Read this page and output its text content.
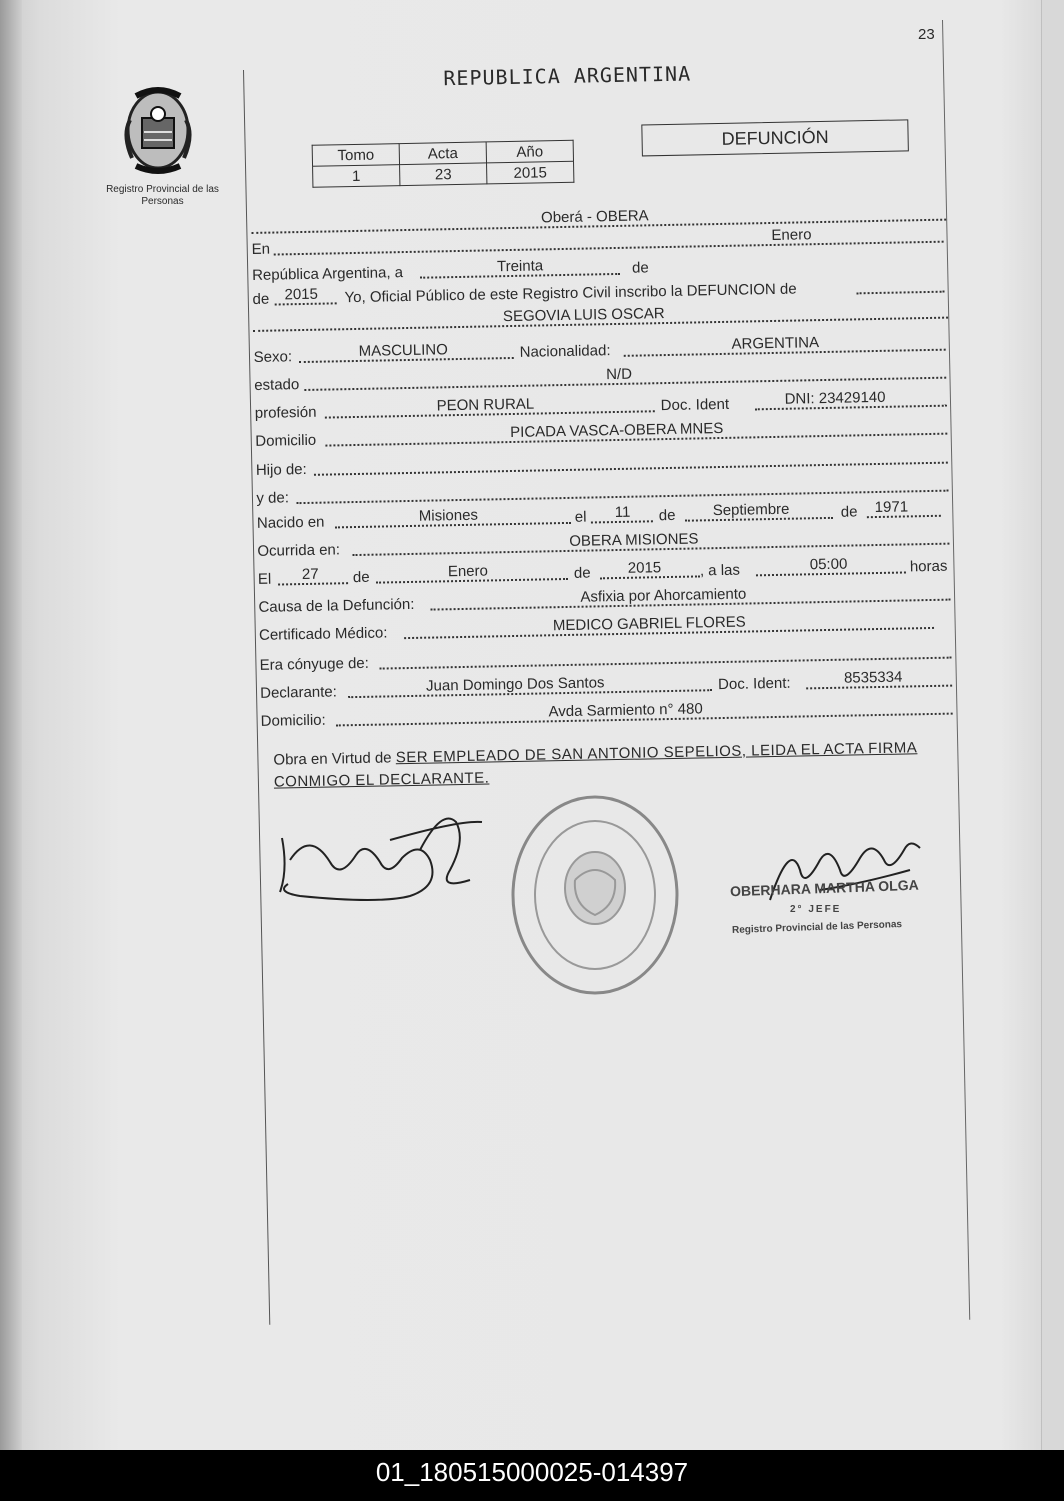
23
Registro Provincial de las Personas
REPUBLICA ARGENTINA
Tomo	Acta	Año
1	23	2015
DEFUNCIÓN
Oberá - OBERA
En
Enero
República Argentina, a	Treinta	de
de 2015 Yo, Oficial Público de este Registro Civil inscribo la DEFUNCION de
SEGOVIA LUIS OSCAR
Sexo:	MASCULINO	Nacionalidad:	ARGENTINA
estado
N/D
profesión	PEON RURAL	Doc. Ident	DNI: 23429140
Domicilio	PICADA VASCA-OBERA MNES
Hijo de:
y de:
Nacido en	Misiones	el 11 de Septiembre	de 1971
Ocurrida en:
OBERA MISIONES
El 27 de	Enero	de 2015	, a las	05:00	horas
Causa de la Defunción:
Asfixia por Ahorcamiento
Certificado Médico:	MEDICO GABRIEL FLORES
Era cónyuge de:
Declarante:	Juan Domingo Dos Santos	Doc. Ident:	8535334
Domicilio:
Avda Sarmiento n° 480
Obra en Virtud de SER EMPLEADO DE SAN ANTONIO SEPELIOS, LEIDA EL ACTA FIRMA CONMIGO EL DECLARANTE.
OBERHARA MARTHA OLGA
2° JEFE
Registro Provincial de las Personas
01_180515000025-014397
